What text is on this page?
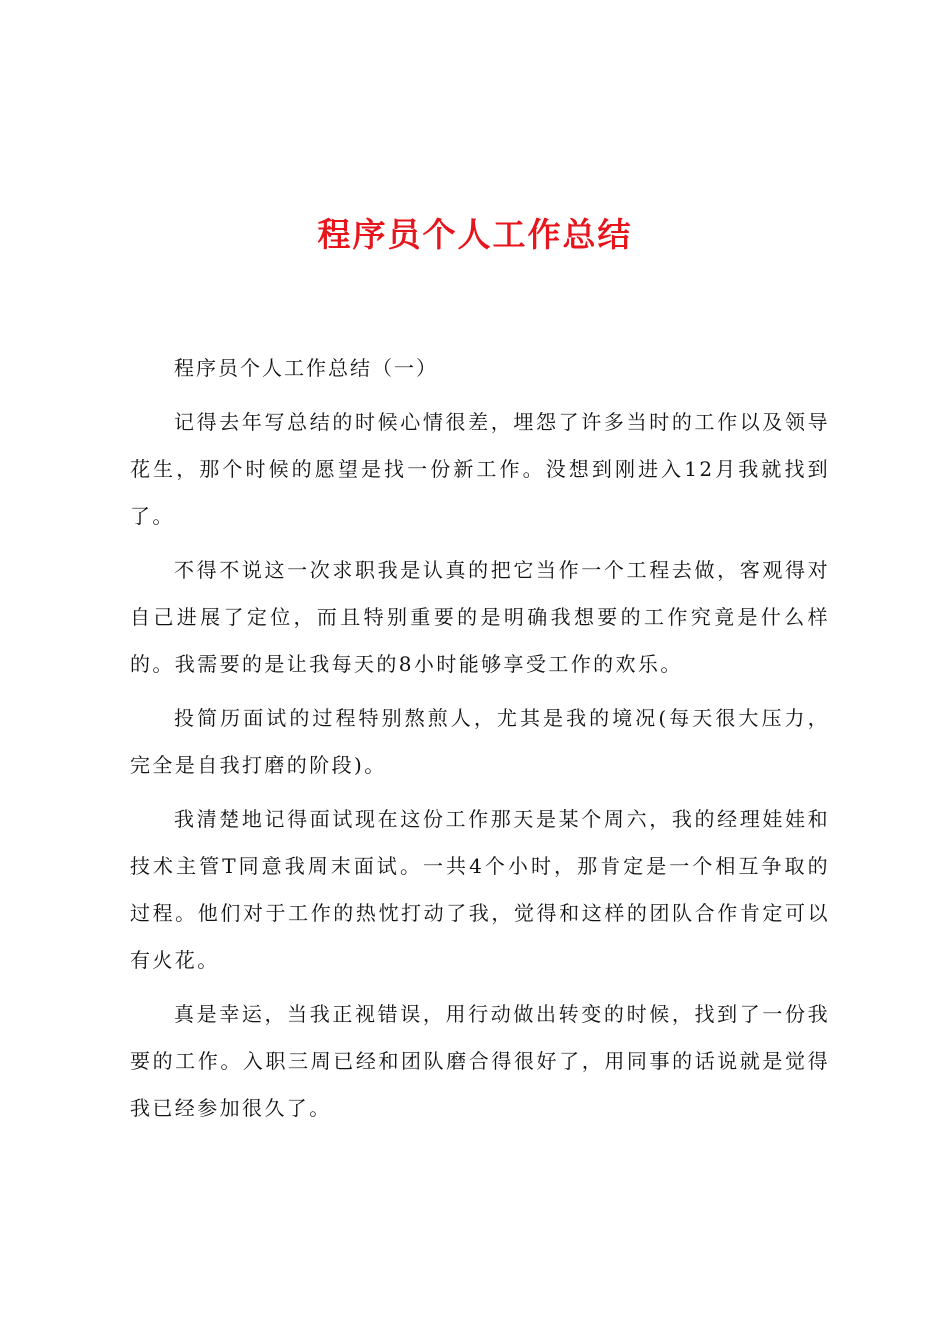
程序员个人工作总结

程序员个人工作总结（一）

记得去年写总结的时候心情很差，埋怨了许多当时的工作以及领导花生，那个时候的愿望是找一份新工作。没想到刚进入12月我就找到了。

不得不说这一次求职我是认真的把它当作一个工程去做，客观得对自己进展了定位，而且特别重要的是明确我想要的工作究竟是什么样的。我需要的是让我每天的8小时能够享受工作的欢乐。

投简历面试的过程特别熬煎人，尤其是我的境况(每天很大压力，完全是自我打磨的阶段)。

我清楚地记得面试现在这份工作那天是某个周六，我的经理娃娃和技术主管T同意我周末面试。一共4个小时，那肯定是一个相互争取的过程。他们对于工作的热忱打动了我，觉得和这样的团队合作肯定可以有火花。

真是幸运，当我正视错误，用行动做出转变的时候，找到了一份我要的工作。入职三周已经和团队磨合得很好了，用同事的话说就是觉得我已经参加很久了。
